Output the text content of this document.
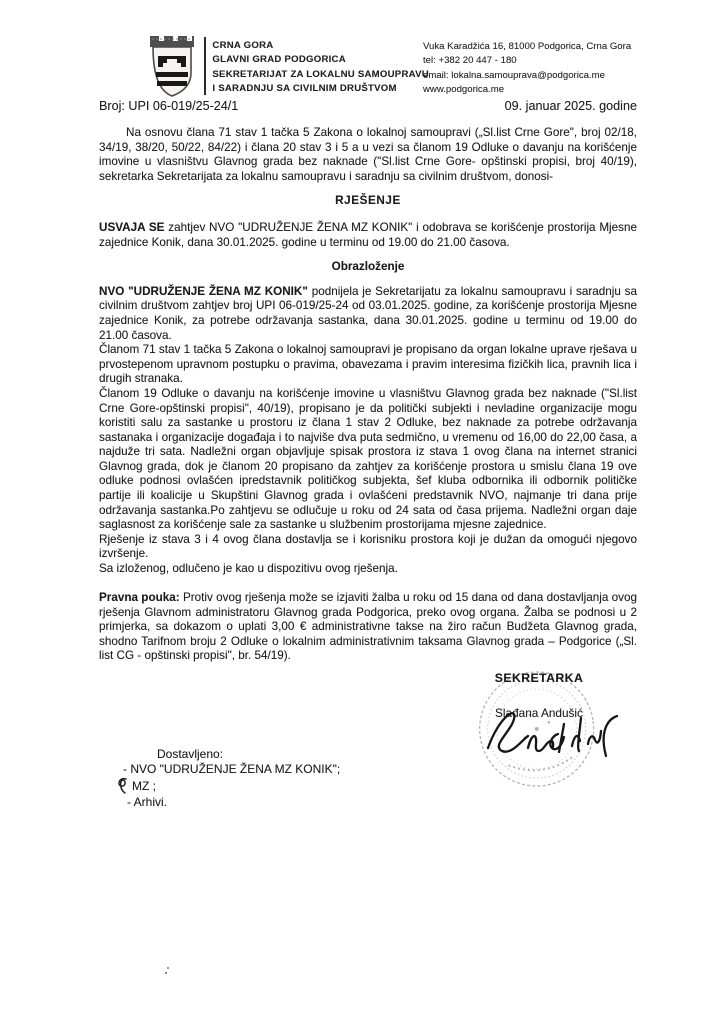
CRNA GORA
GLAVNI GRAD PODGORICA
SEKRETARIJAT ZA LOKALNU SAMOUPRAVU
I SARADNJU SA CIVILNIM DRUŠTVOM
Vuka Karadžića 16, 81000 Podgorica, Crna Gora
tel: +382 20 447 - 180
email: lokalna.samouprava@podgorica.me
www.podgorica.me
Broj: UPI 06-019/25-24/1	09. januar 2025. godine

Na osnovu člana 71 stav 1 tačka 5 Zakona o lokalnoj samoupravi („Sl.list Crne Gore", broj 02/18, 34/19, 38/20, 50/22, 84/22) i člana 20 stav 3 i 5 a u vezi sa članom 19 Odluke o davanju na korišćenje imovine u vlasništvu Glavnog grada bez naknade ("Sl.list Crne Gore- opštinski propisi, broj 40/19), sekretarka Sekretarijata za lokalnu samoupravu i saradnju sa civilnim društvom, donosi-

RJEŠENJE

USVAJA SE zahtjev NVO "UDRUŽENJE ŽENA MZ KONIK" i odobrava se korišćenje prostorija Mjesne zajednice Konik, dana 30.01.2025. godine u terminu od 19.00 do 21.00 časova.

Obrazloženje

NVO "UDRUŽENJE ŽENA MZ KONIK" podnijela je Sekretarijatu za lokalnu samoupravu i saradnju sa civilnim društvom zahtjev broj UPI 06-019/25-24 od 03.01.2025. godine, za korišćenje prostorija Mjesne zajednice Konik, za potrebe održavanja sastanka, dana 30.01.2025. godine u terminu od 19.00 do 21.00 časova.

Članom 71 stav 1 tačka 5 Zakona o lokalnoj samoupravi je propisano da organ lokalne uprave rješava u prvostepenom upravnom postupku o pravima, obavezama i pravim interesima fizičkih lica, pravnih lica i drugih stranaka.

Članom 19 Odluke o davanju na korišćenje imovine u vlasništvu Glavnog grada bez naknade ("Sl.list Crne Gore-opštinski propisi", 40/19), propisano je da politički subjekti i nevladine organizacije mogu koristiti salu za sastanke u prostoru iz člana 1 stav 2 Odluke, bez naknade za potrebe održavanja sastanaka i organizacije događaja i to najviše dva puta sedmično, u vremenu od 16,00 do 22,00 časa, a najduže tri sata. Nadležni organ objavljuje spisak prostora iz stava 1 ovog člana na internet stranici Glavnog grada, dok je članom 20 propisano da zahtjev za korišćenje prostora u smislu člana 19 ove odluke podnosi ovlašćen ipredstavnik političkog subjekta, šef kluba odbornika ili odbornik političke partije ili koalicije u Skupštini Glavnog grada i ovlašćeni predstavnik NVO, najmanje tri dana prije održavanja sastanka.Po zahtjevu se odlučuje u roku od 24 sata od časa prijema. Nadležni organ daje saglasnost za korišćenje sale za sastanke u službenim prostorijama mjesne zajednice.

Rješenje iz stava 3 i 4 ovog člana dostavlja se i korisniku prostora koji je dužan da omogući njegovo izvršenje.

Sa izloženog, odlučeno je kao u dispozitivu ovog rješenja.

Pravna pouka: Protiv ovog rješenja može se izjaviti žalba u roku od 15 dana od dana dostavljanja ovog rješenja Glavnom administratoru Glavnog grada Podgorica, preko ovog organa. Žalba se podnosi u 2 primjerka, sa dokazom o uplati 3,00 € administrativne takse na žiro račun Budžeta Glavnog grada, shodno Tarifnom broju 2 Odluke o lokalnim administrativnim taksama Glavnog grada – Podgorice („Sl. list CG - opštinski propisi", br. 54/19).

SEKRETARKA
Slađana Andušić
Dostavljeno:
- NVO "UDRUŽENJE ŽENA MZ KONIK";
MZ ;
- Arhivi.
